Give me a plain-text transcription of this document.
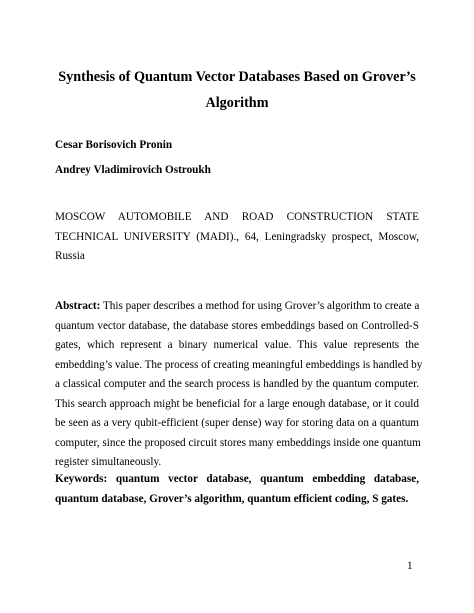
Synthesis of Quantum Vector Databases Based on Grover’s
Algorithm
Cesar Borisovich Pronin
Andrey Vladimirovich Ostroukh
MOSCOW AUTOMOBILE AND ROAD CONSTRUCTION STATE
TECHNICAL UNIVERSITY (MADI)., 64, Leningradsky prospect, Moscow,
Russia
Abstract: This paper describes a method for using Grover’s algorithm to create a
quantum vector database, the database stores embeddings based on Controlled-S
gates, which represent a binary numerical value. This value represents the
embedding’s value. The process of creating meaningful embeddings is handled by
a classical computer and the search process is handled by the quantum computer.
This search approach might be beneficial for a large enough database, or it could
be seen as a very qubit-efficient (super dense) way for storing data on a quantum
computer, since the proposed circuit stores many embeddings inside one quantum
register simultaneously.
Keywords: quantum vector database, quantum embedding database,
quantum database, Grover’s algorithm, quantum efficient coding, S gates.
1
